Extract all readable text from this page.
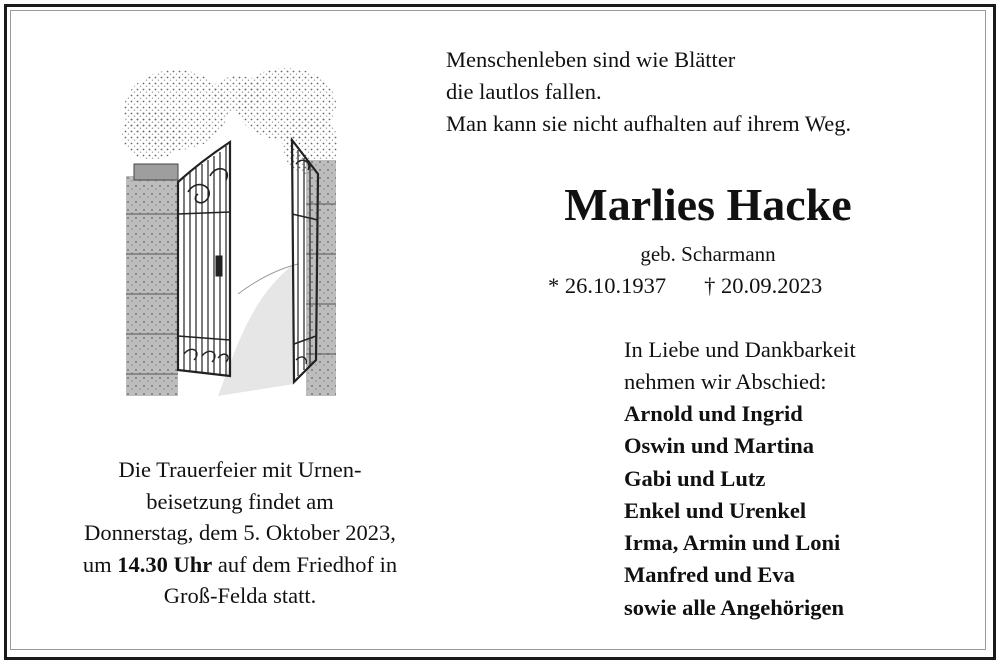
Menschenleben sind wie Blätter
die lautlos fallen.
Man kann sie nicht aufhalten auf ihrem Weg.
Marlies Hacke
geb. Scharmann
* 26.10.1937 † 20.09.2023
In Liebe und Dankbarkeit
nehmen wir Abschied:
Arnold und Ingrid
Oswin und Martina
Gabi und Lutz
Enkel und Urenkel
Irma, Armin und Loni
Manfred und Eva
sowie alle Angehörigen
Die Trauerfeier mit Urnen-
beisetzung findet am
Donnerstag, dem 5. Oktober 2023,
um 14.30 Uhr auf dem Friedhof in
Groß-Felda statt.
